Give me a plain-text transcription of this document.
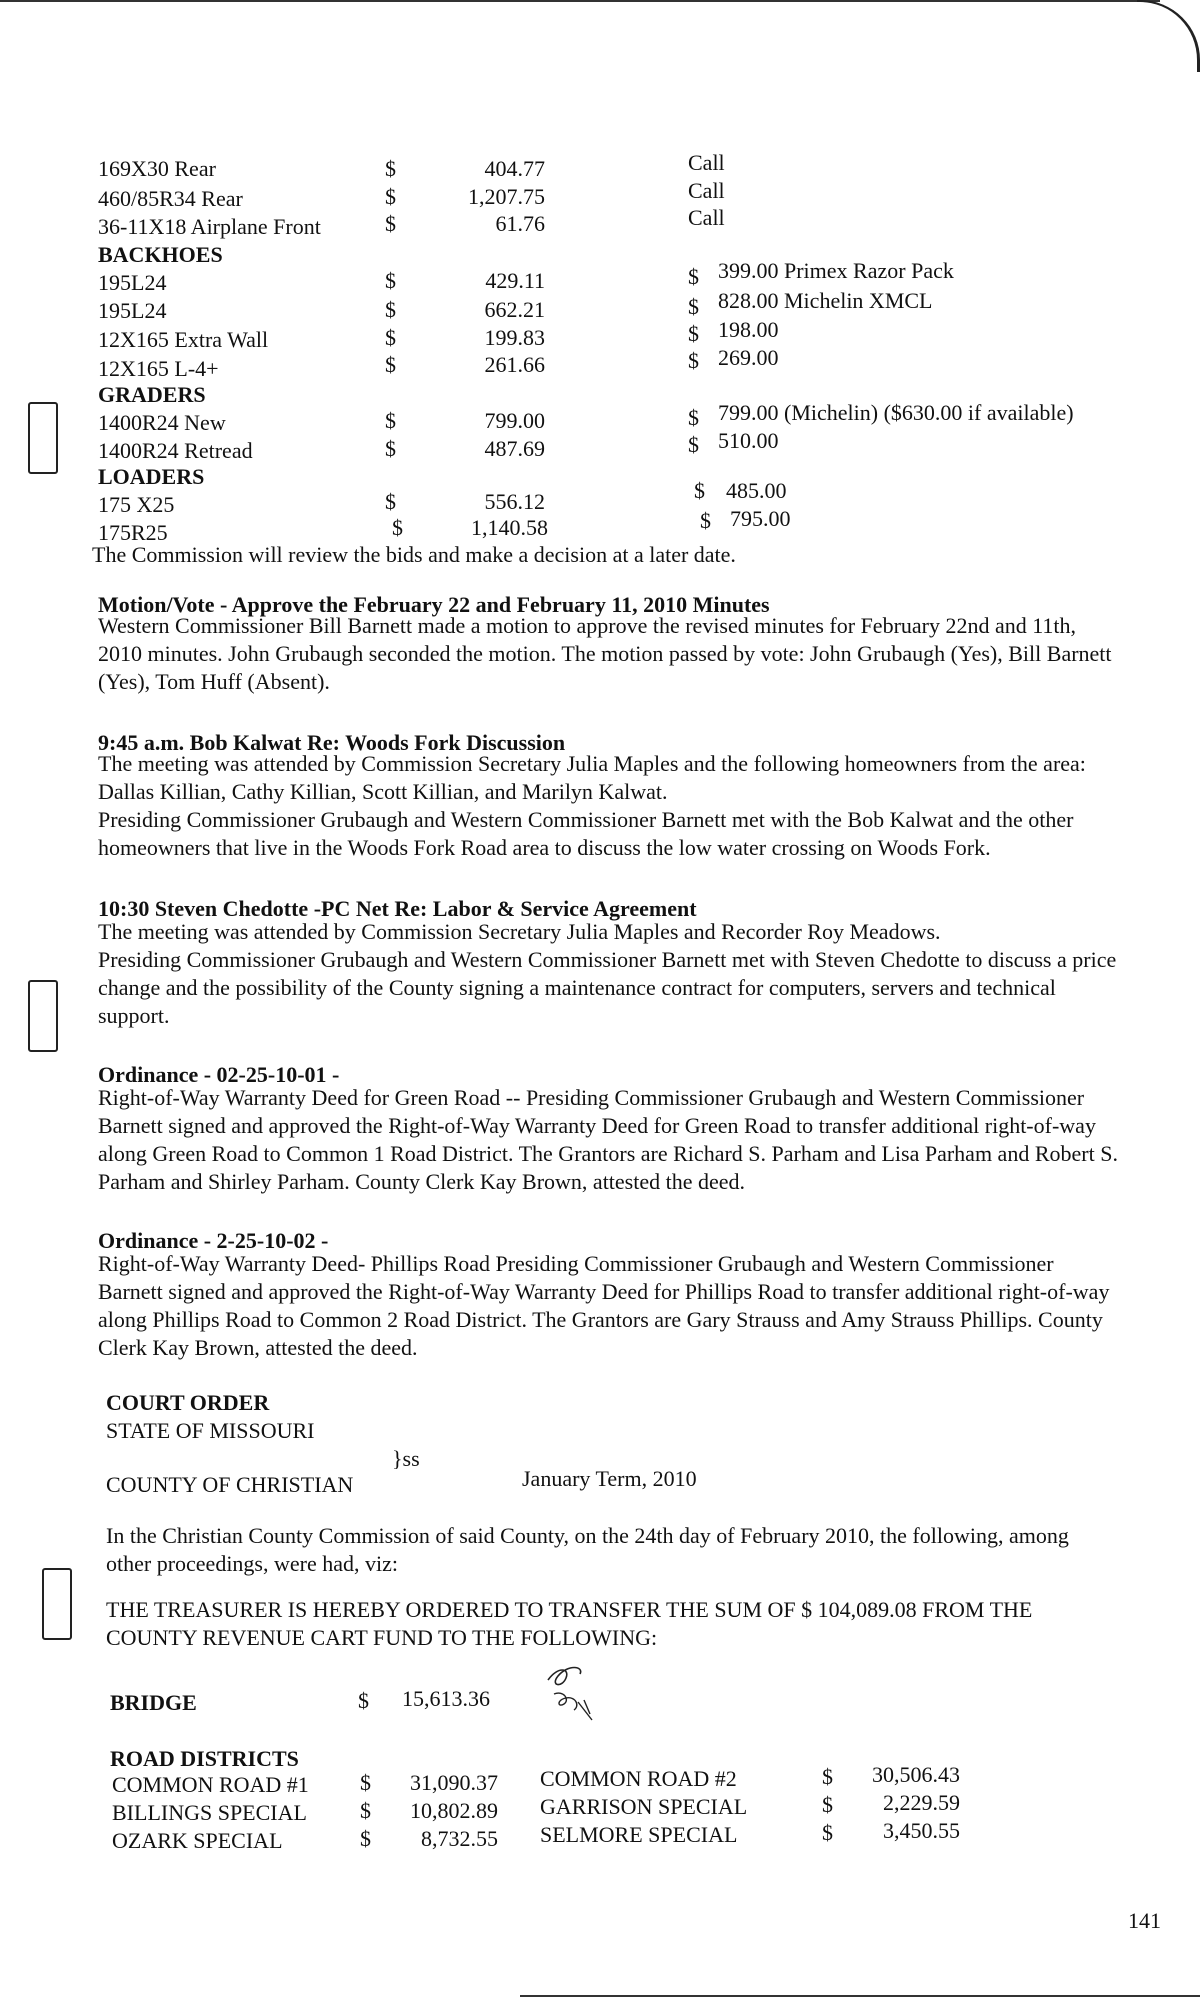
169X30 Rear	$	404.77	Call
460/85R34 Rear	$	1,207.75	Call
36-11X18 Airplane Front	$	61.76	Call
BACKHOES
195L24	$	429.11	$ 399.00 Primex Razor Pack
195L24	$	662.21	$ 828.00 Michelin XMCL
12X165 Extra Wall	$	199.83	$ 198.00
12X165 L-4+	$	261.66	$ 269.00
GRADERS
1400R24 New	$	799.00	$ 799.00 (Michelin) ($630.00 if available)
1400R24 Retread	$	487.69	$ 510.00
LOADERS
175 X25	$	556.12	$ 485.00
175R25	$	1,140.58	$ 795.00
The Commission will review the bids and make a decision at a later date.
Motion/Vote - Approve the February 22 and February 11, 2010 Minutes
Western Commissioner Bill Barnett made a motion to approve the revised minutes for February 22nd and 11th, 2010 minutes. John Grubaugh seconded the motion. The motion passed by vote: John Grubaugh (Yes), Bill Barnett (Yes), Tom Huff (Absent).
9:45 a.m. Bob Kalwat Re: Woods Fork Discussion
The meeting was attended by Commission Secretary Julia Maples and the following homeowners from the area: Dallas Killian, Cathy Killian, Scott Killian, and Marilyn Kalwat.
Presiding Commissioner Grubaugh and Western Commissioner Barnett met with the Bob Kalwat and the other homeowners that live in the Woods Fork Road area to discuss the low water crossing on Woods Fork.
10:30 Steven Chedotte -PC Net Re: Labor & Service Agreement
The meeting was attended by Commission Secretary Julia Maples and Recorder Roy Meadows.
Presiding Commissioner Grubaugh and Western Commissioner Barnett met with Steven Chedotte to discuss a price change and the possibility of the County signing a maintenance contract for computers, servers and technical support.
Ordinance - 02-25-10-01 -
Right-of-Way Warranty Deed for Green Road -- Presiding Commissioner Grubaugh and Western Commissioner Barnett signed and approved the Right-of-Way Warranty Deed for Green Road to transfer additional right-of-way along Green Road to Common 1 Road District. The Grantors are Richard S. Parham and Lisa Parham and Robert S. Parham and Shirley Parham. County Clerk Kay Brown, attested the deed.
Ordinance - 2-25-10-02 -
Right-of-Way Warranty Deed- Phillips Road Presiding Commissioner Grubaugh and Western Commissioner Barnett signed and approved the Right-of-Way Warranty Deed for Phillips Road to transfer additional right-of-way along Phillips Road to Common 2 Road District. The Grantors are Gary Strauss and Amy Strauss Phillips. County Clerk Kay Brown, attested the deed.
COURT ORDER
STATE OF MISSOURI
}ss
COUNTY OF CHRISTIAN	January Term, 2010
In the Christian County Commission of said County, on the 24th day of February 2010, the following, among other proceedings, were had, viz:
THE TREASURER IS HEREBY ORDERED TO TRANSFER THE SUM OF $ 104,089.08 FROM THE COUNTY REVENUE CART FUND TO THE FOLLOWING:
BRIDGE	$ 15,613.36
ROAD DISTRICTS
COMMON ROAD #1 $	31,090.37
BILLINGS SPECIAL $	10,802.89
OZARK SPECIAL	$	8,732.55
COMMON ROAD #2	$	30,506.43
GARRISON SPECIAL	$	2,229.59
SELMORE SPECIAL	$	3,450.55
141
